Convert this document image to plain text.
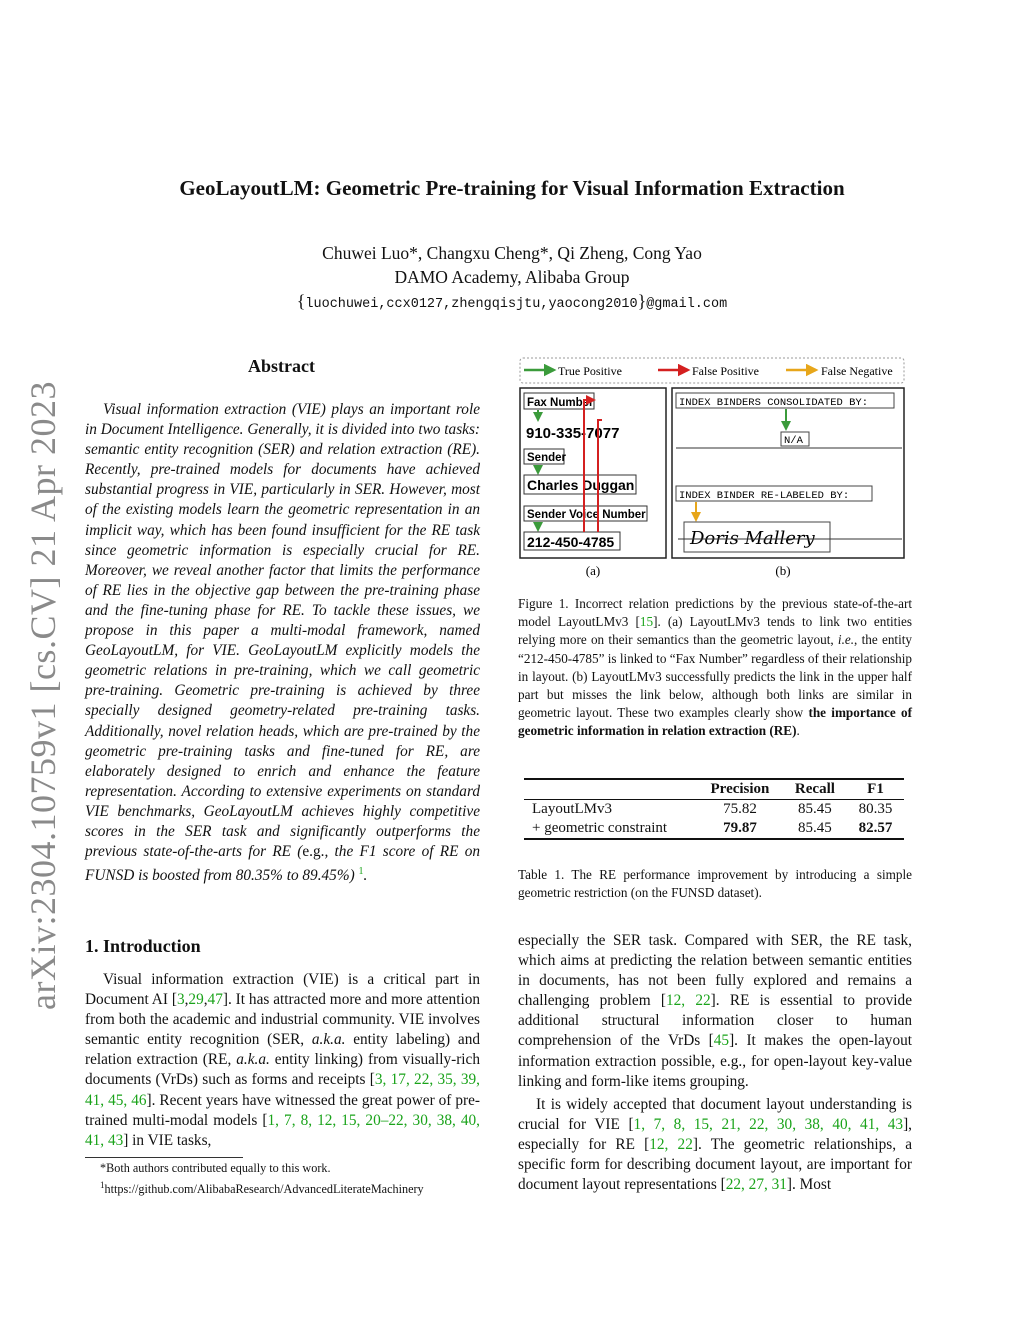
GeoLayoutLM: Geometric Pre-training for Visual Information Extraction
Chuwei Luo*, Changxu Cheng*, Qi Zheng, Cong Yao
DAMO Academy, Alibaba Group
{luochuwei,ccx0127,zhengqisjtu,yaocong2010}@gmail.com
arXiv:2304.10759v1 [cs.CV] 21 Apr 2023
Abstract
Visual information extraction (VIE) plays an important role in Document Intelligence. Generally, it is divided into two tasks: semantic entity recognition (SER) and relation extraction (RE). Recently, pre-trained models for documents have achieved substantial progress in VIE, particularly in SER. However, most of the existing models learn the geometric representation in an implicit way, which has been found insufficient for the RE task since geometric information is especially crucial for RE. Moreover, we reveal another factor that limits the performance of RE lies in the objective gap between the pre-training phase and the fine-tuning phase for RE. To tackle these issues, we propose in this paper a multi-modal framework, named GeoLayoutLM, for VIE. GeoLayoutLM explicitly models the geometric relations in pre-training, which we call geometric pre-training. Geometric pre-training is achieved by three specially designed geometry-related pre-training tasks. Additionally, novel relation heads, which are pre-trained by the geometric pre-training tasks and fine-tuned for RE, are elaborately designed to enrich and enhance the feature representation. According to extensive experiments on standard VIE benchmarks, GeoLayoutLM achieves highly competitive scores in the SER task and significantly outperforms the previous state-of-the-arts for RE (e.g., the F1 score of RE on FUNSD is boosted from 80.35% to 89.45%) $^1$.
1. Introduction
Visual information extraction (VIE) is a critical part in Document AI [3,29,47]. It has attracted more and more attention from both the academic and industrial community. VIE involves semantic entity recognition (SER, a.k.a. entity labeling) and relation extraction (RE, a.k.a. entity linking) from visually-rich documents (VrDs) such as forms and receipts [3, 17, 22, 35, 39, 41, 45, 46]. Recent years have witnessed the great power of pre-trained multi-modal models [1, 7, 8, 12, 15, 20–22, 30, 38, 40, 41, 43] in VIE tasks,
*Both authors contributed equally to this work.
$^1$https://github.com/AlibabaResearch/AdvancedLiterateMachinery
True Positive	False Positive	False Negative
Fax Number
910-335-7077
Sender
Charles Duggan
Sender Voice Number
212-450-4785
INDEX BINDERS CONSOLIDATED BY:
N/A
INDEX BINDER RE-LABELED BY:
Doris Mallery
(a)	(b)
Figure 1. Incorrect relation predictions by the previous state-of-the-art model LayoutLMv3 [15]. (a) LayoutLMv3 tends to link two entities relying more on their semantics than the geometric layout, i.e., the entity “212-450-4785” is linked to “Fax Number” regardless of their relationship in layout. (b) LayoutLMv3 successfully predicts the link in the upper half part but misses the link below, although both links are similar in geometric layout. These two examples clearly show the importance of geometric information in relation extraction (RE).
	Precision	Recall	F1
LayoutLMv3	75.82	85.45	80.35
+ geometric constraint	79.87	85.45	82.57
Table 1. The RE performance improvement by introducing a simple geometric restriction (on the FUNSD dataset).
especially the SER task. Compared with SER, the RE task, which aims at predicting the relation between semantic entities in documents, has not been fully explored and remains a challenging problem [12, 22]. RE is essential to provide additional structural information closer to human comprehension of the VrDs [45]. It makes the open-layout information extraction possible, e.g., for open-layout key-value linking and form-like items grouping.
It is widely accepted that document layout understanding is crucial for VIE [1, 7, 8, 15, 21, 22, 30, 38, 40, 41, 43], especially for RE [12, 22]. The geometric relationships, a specific form for describing document layout, are important for document layout representations [22, 27, 31]. Most
